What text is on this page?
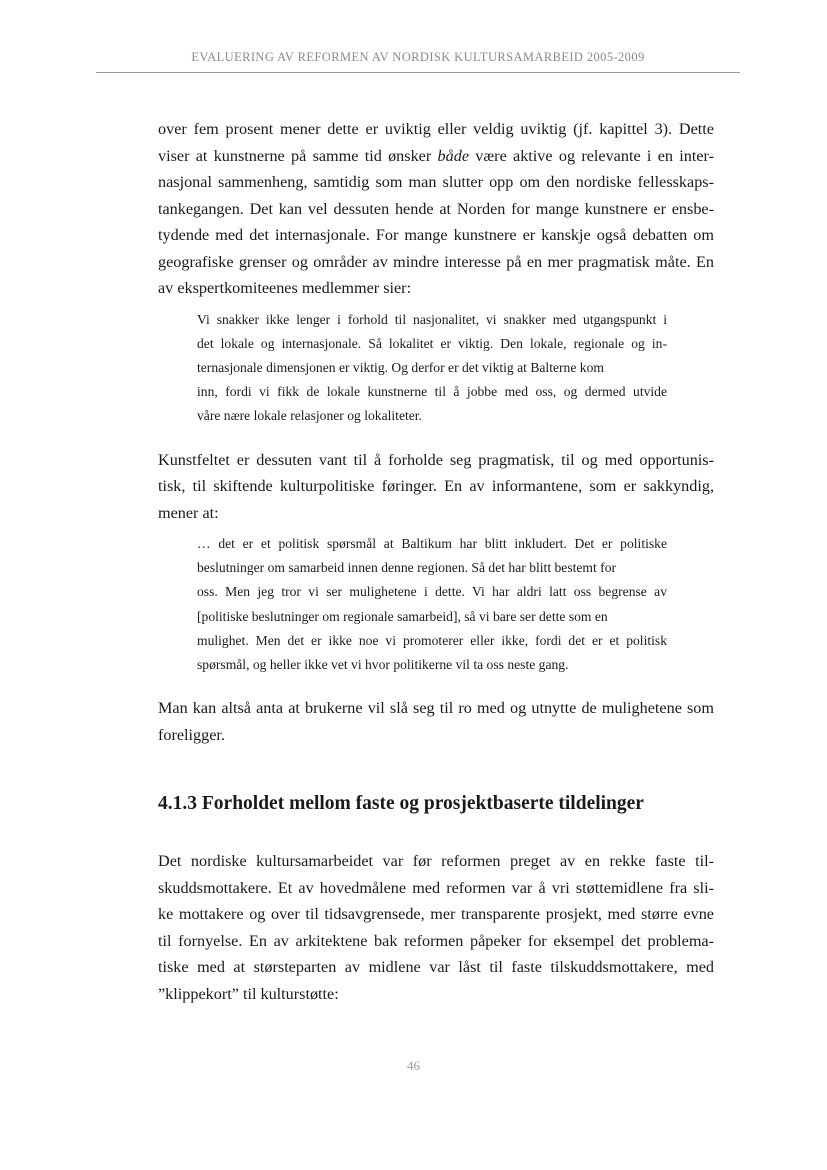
EVALUERING AV REFORMEN AV NORDISK KULTURSAMARBEID 2005-2009

over fem prosent mener dette er uviktig eller veldig uviktig (jf. kapittel 3). Dette
viser at kunstnerne på samme tid ønsker både være aktive og relevante i en inter-
nasjonal sammenheng, samtidig som man slutter opp om den nordiske fellesskaps-
tankegangen. Det kan vel dessuten hende at Norden for mange kunstnere er ensbe-
tydende med det internasjonale. For mange kunstnere er kanskje også debatten om
geografiske grenser og områder av mindre interesse på en mer pragmatisk måte. En
av ekspertkomiteenes medlemmer sier:

Vi snakker ikke lenger i forhold til nasjonalitet, vi snakker med utgangspunkt i
det lokale og internasjonale. Så lokalitet er viktig. Den lokale, regionale og in-
ternasjonale dimensjonen er viktig. Og derfor er det viktig at Balterne kom
inn, fordi vi fikk de lokale kunstnerne til å jobbe med oss, og dermed utvide
våre nære lokale relasjoner og lokaliteter.

Kunstfeltet er dessuten vant til å forholde seg pragmatisk, til og med opportunis-
tisk, til skiftende kulturpolitiske føringer. En av informantene, som er sakkyndig,
mener at:

… det er et politisk spørsmål at Baltikum har blitt inkludert. Det er politiske
beslutninger om samarbeid innen denne regionen. Så det har blitt bestemt for
oss. Men jeg tror vi ser mulighetene i dette. Vi har aldri latt oss begrense av
[politiske beslutninger om regionale samarbeid], så vi bare ser dette som en
mulighet. Men det er ikke noe vi promoterer eller ikke, fordi det er et politisk
spørsmål, og heller ikke vet vi hvor politikerne vil ta oss neste gang.

Man kan altså anta at brukerne vil slå seg til ro med og utnytte de mulighetene som
foreligger.

4.1.3 Forholdet mellom faste og prosjektbaserte tildelinger

Det nordiske kultursamarbeidet var før reformen preget av en rekke faste til-
skuddsmottakere. Et av hovedmålene med reformen var å vri støttemidlene fra sli-
ke mottakere og over til tidsavgrensede, mer transparente prosjekt, med større evne
til fornyelse. En av arkitektene bak reformen påpeker for eksempel det problema-
tiske med at størsteparten av midlene var låst til faste tilskuddsmottakere, med
”klippekort” til kulturstøtte:

46
